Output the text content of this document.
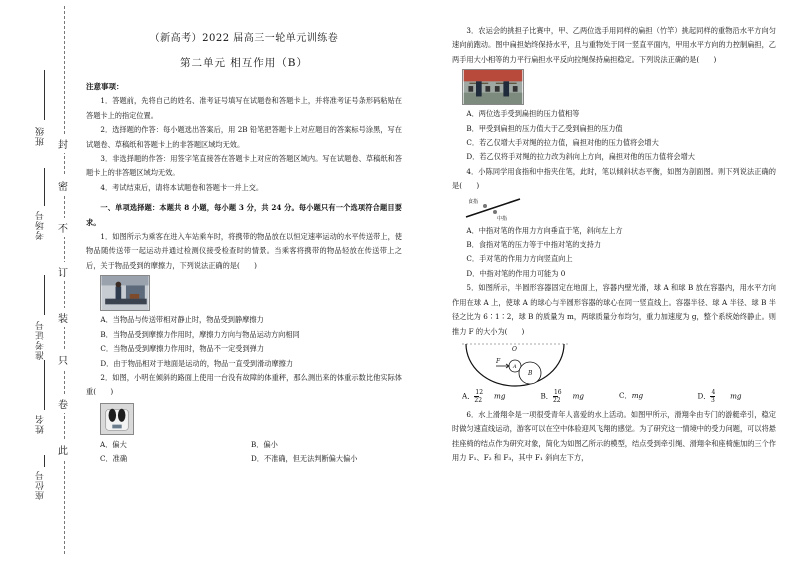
班级
姓名
准考证号
考场号
座位号
封
密
不
订
装
只
卷
此
（新高考）2022 届高三一轮单元训练卷
第二单元 相互作用（B）
注意事项：

1．答题前，先将自己的姓名、准考证号填写在试题卷和答题卡上，并将准考证号条形码粘贴在答题卡上的指定位置。

2．选择题的作答：每小题选出答案后，用 2B 铅笔把答题卡上对应题目的答案标号涂黑，写在试题卷、草稿纸和答题卡上的非答题区域均无效。

3．非选择题的作答：用签字笔直接答在答题卡上对应的答题区域内。写在试题卷、草稿纸和答题卡上的非答题区域均无效。

4．考试结束后，请将本试题卷和答题卡一并上交。

一、单项选择题：本题共 8 小题，每小题 3 分，共 24 分。每小题只有一个选项符合题目要求。

1．如图所示为乘客在进入车站乘车时，将携带的物品放在以恒定速率运动的水平传送带上，使物品随传送带一起运动并通过检测仪接受检查时的情景。当乘客将携带的物品轻放在传送带上之后，关于物品受到的摩擦力，下列说法正确的是(　　)

A．当物品与传送带相对静止时，物品受到静摩擦力

B．当物品受到摩擦力作用时，摩擦力方向与物品运动方向相同

C．当物品受到摩擦力作用时，物品不一定受到弹力

D．由于物品相对于地面是运动的，物品一直受到滑动摩擦力

2．如图，小明在倾斜的路面上使用一台没有故障的体重秤，那么测出来的体重示数比他实际体重(　　)

A．偏大	B．偏小
C．准确	D．不准确，但无法判断偏大偏小

3．农运会的挑担子比赛中，甲、乙两位选手用同样的扁担（竹竿）挑起同样的重物沿水平方向匀速向前跑动。图中扁担始终保持水平，且与重物处于同一竖直平面内，甲用水平方向的力控制扁担，乙两手用大小相等的力平行扁担水平反向拉绳保持扁担稳定。下列说法正确的是(　　)

A．两位选手受到扁担的压力值相等

B．甲受到扁担的压力值大于乙受到扁担的压力值

C．若乙仅增大手对绳的拉力值，扁担对他的压力值将会增大

D．若乙仅将手对绳的拉力改为斜向上方向，扁担对他的压力值将会增大

4．小陈同学用食指和中指夹住笔，此时，笔以倾斜状态平衡，如图为剖面图。则下列说法正确的是(　　)

食指
中指

A．中指对笔的作用力方向垂直于笔，斜向左上方

B．食指对笔的压力等于中指对笔的支持力

C．手对笔的作用力方向竖直向上

D．中指对笔的作用力可能为 0

5．如图所示，半圆形容器固定在地面上，容器内壁光滑，球 A 和球 B 放在容器内，用水平方向作用在球 A 上，使球 A 的球心与半圆形容器的球心在同一竖直线上。容器半径、球 A 半径、球 B 半径之比为 6∶1∶2，球 B 的质量为 m，两球质量分布均匀，重力加速度为 g，整个系统始终静止。则推力 F 的大小为( )

O
F
A
B
A． $\frac{12}{22}$ mg	B． $\frac{16}{22}$ mg	C．mg	D． $\frac{4}{3}$ mg

6．水上滑翔伞是一项很受青年人喜爱的水上活动。如图甲所示，滑翔伞由专门的游艇牵引，稳定时做匀速直线运动，游客可以在空中体验迎风飞翔的感觉。为了研究这一情境中的受力问题，可以将悬挂座椅的结点作为研究对象，简化为如图乙所示的模型，结点受到牵引绳、滑翔伞和座椅施加的三个作用力 F₁、F₂ 和 F₃，其中 F₁ 斜向左下方，
